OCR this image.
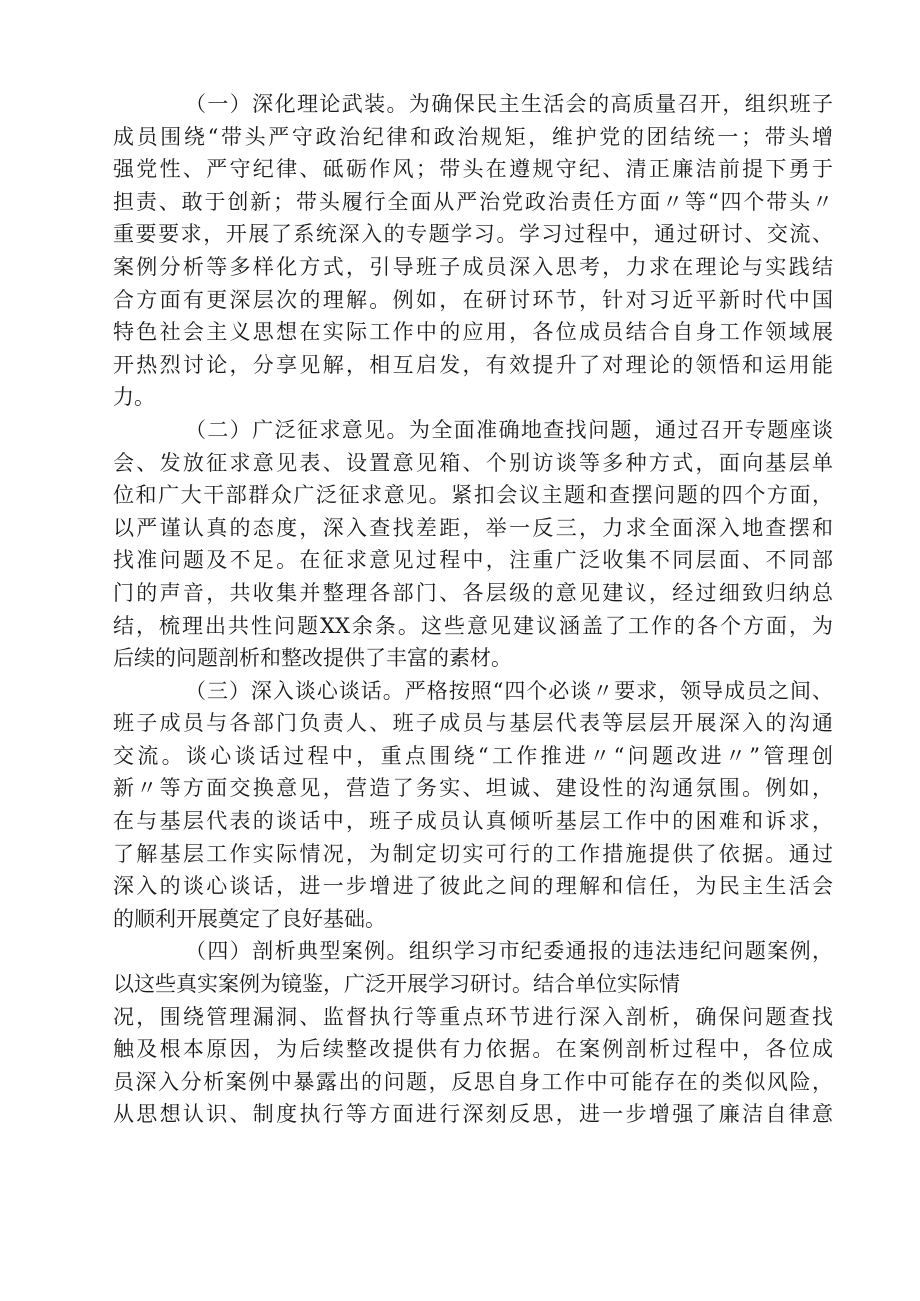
（一）深化理论武装。为确保民主生活会的高质量召开，组织班子
成员围绕“带头严守政治纪律和政治规矩，维护党的团结统一；带头增
强党性、严守纪律、砥砺作风；带头在遵规守纪、清正廉洁前提下勇于
担责、敢于创新；带头履行全面从严治党政治责任方面〃等“四个带头〃
重要要求，开展了系统深入的专题学习。学习过程中，通过研讨、交流、
案例分析等多样化方式，引导班子成员深入思考，力求在理论与实践结
合方面有更深层次的理解。例如，在研讨环节，针对习近平新时代中国
特色社会主义思想在实际工作中的应用，各位成员结合自身工作领域展
开热烈讨论，分享见解，相互启发，有效提升了对理论的领悟和运用能
力。
（二）广泛征求意见。为全面准确地查找问题，通过召开专题座谈
会、发放征求意见表、设置意见箱、个别访谈等多种方式，面向基层单
位和广大干部群众广泛征求意见。紧扣会议主题和查摆问题的四个方面，
以严谨认真的态度，深入查找差距，举一反三，力求全面深入地查摆和
找准问题及不足。在征求意见过程中，注重广泛收集不同层面、不同部
门的声音，共收集并整理各部门、各层级的意见建议，经过细致归纳总
结，梳理出共性问题XX余条。这些意见建议涵盖了工作的各个方面，为
后续的问题剖析和整改提供了丰富的素材。
（三）深入谈心谈话。严格按照“四个必谈〃要求，领导成员之间、
班子成员与各部门负责人、班子成员与基层代表等层层开展深入的沟通
交流。谈心谈话过程中，重点围绕“工作推进〃“问题改进〃”管理创
新〃等方面交换意见，营造了务实、坦诚、建设性的沟通氛围。例如，
在与基层代表的谈话中，班子成员认真倾听基层工作中的困难和诉求，
了解基层工作实际情况，为制定切实可行的工作措施提供了依据。通过
深入的谈心谈话，进一步增进了彼此之间的理解和信任，为民主生活会
的顺利开展奠定了良好基础。
（四）剖析典型案例。组织学习市纪委通报的违法违纪问题案例，
以这些真实案例为镜鉴，广泛开展学习研讨。结合单位实际情
况，围绕管理漏洞、监督执行等重点环节进行深入剖析，确保问题查找
触及根本原因，为后续整改提供有力依据。在案例剖析过程中，各位成
员深入分析案例中暴露出的问题，反思自身工作中可能存在的类似风险，
从思想认识、制度执行等方面进行深刻反思，进一步增强了廉洁自律意
